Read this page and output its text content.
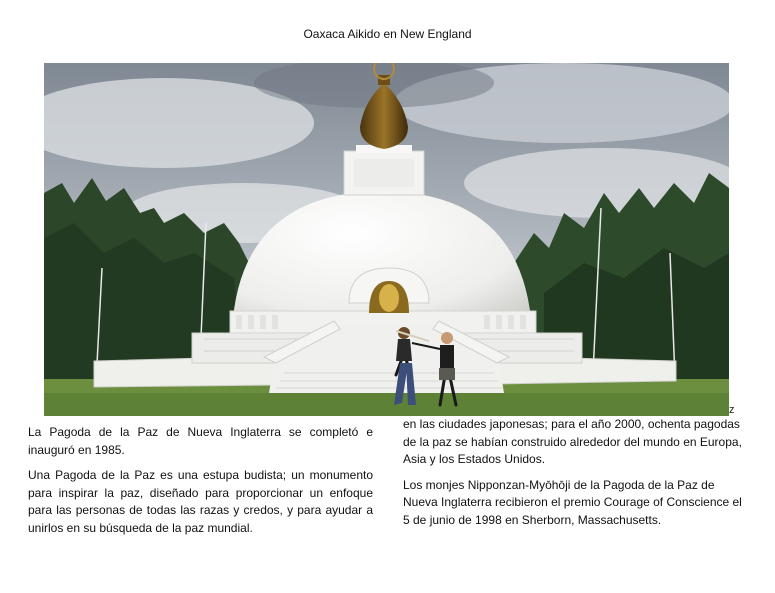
Oaxaca Aikido en New England
z

La Pagoda de la Paz de Nueva Inglaterra se completó e inauguró en 1985.

Una Pagoda de la Paz es una estupa budista; un monumento para inspirar la paz, diseñado para proporcionar un enfoque para las personas de todas las razas y credos, y para ayudar a unirlos en su búsqueda de la paz mundial.

en las ciudades japonesas; para el año 2000, ochenta pagodas de la paz se habían construido alrededor del mundo en Europa, Asia y los Estados Unidos.

Los monjes Nipponzan-Myōhōji de la Pagoda de la Paz de Nueva Inglaterra recibieron el premio Courage of Conscience el 5 de junio de 1998 en Sherborn, Massachusetts.
